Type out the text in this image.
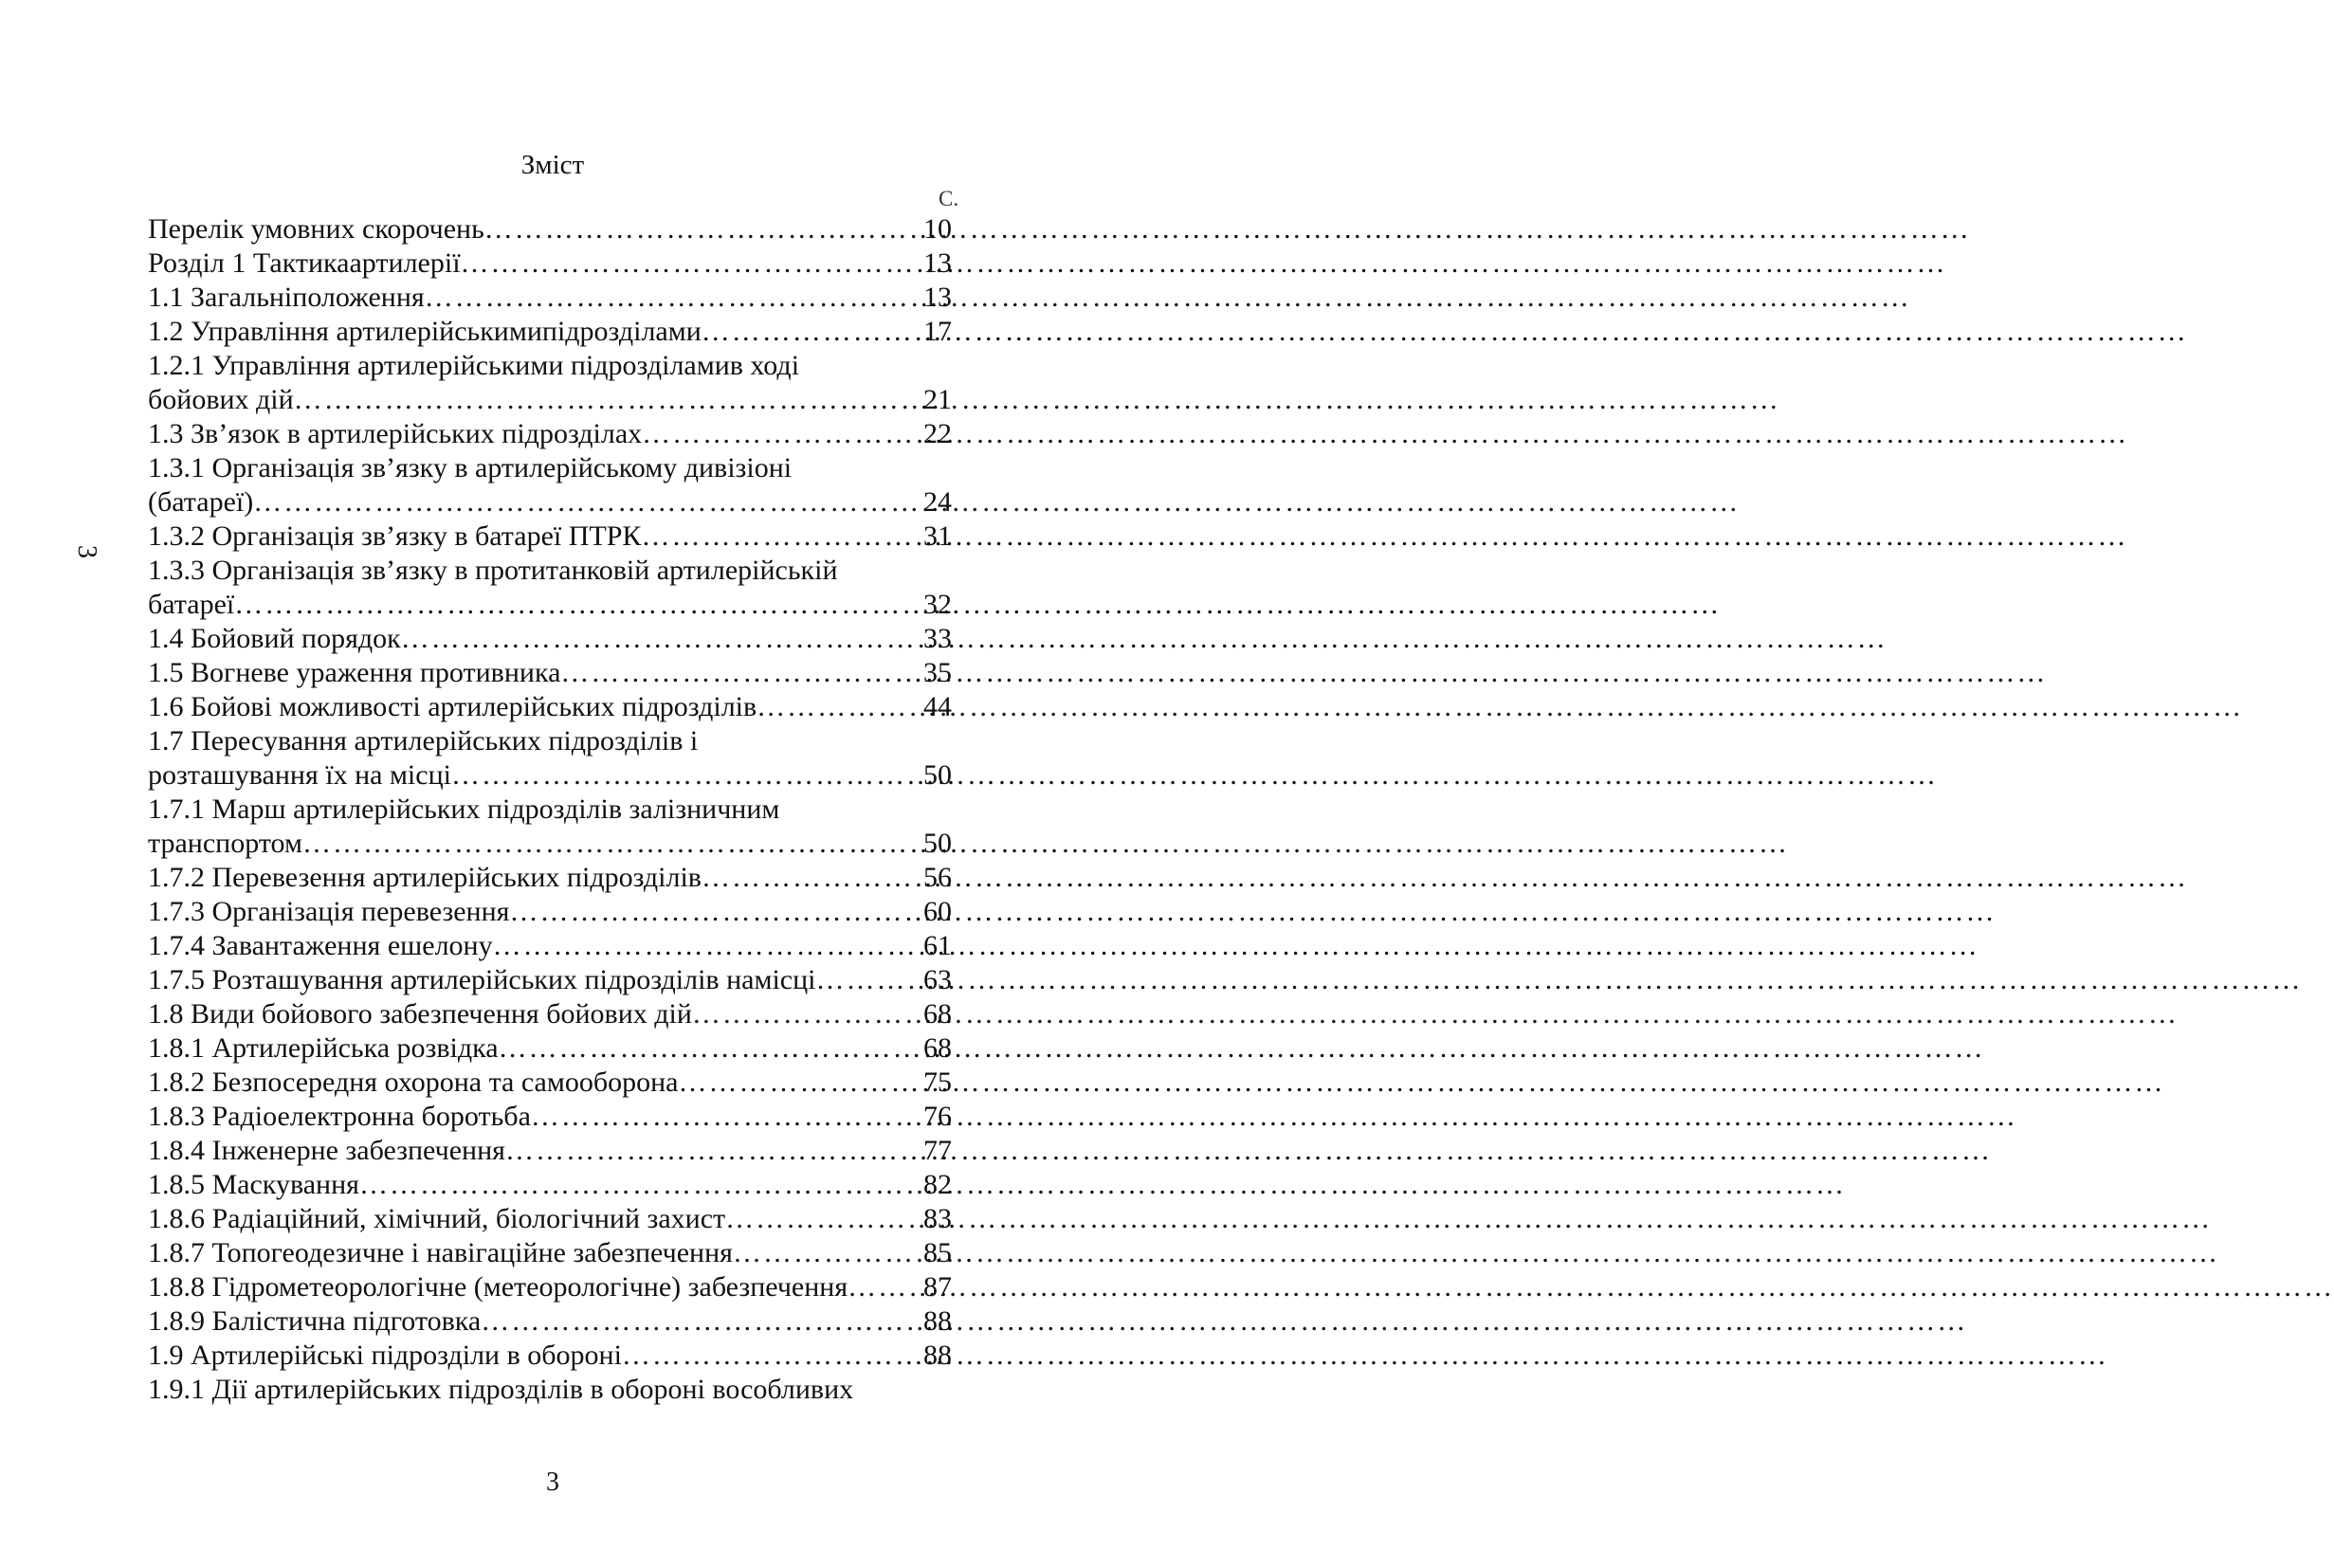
Зміст
С.
3
Перелік умовних скорочень …………………………………………………………………………………………………………………………………	10
Розділ 1 Тактикаартилерії …………………………………………………………………………………………………………………………………	13
1.1 Загальніположення …………………………………………………………………………………………………………………………………	13
1.2 Управління артилерійськимипідрозділами …………………………………………………………………………………………………………………………………	17
1.2.1 Управління артилерійськими підрозділамив ході
бойових дій …………………………………………………………………………………………………………………………………	21
1.3 Зв’язок в артилерійських підрозділах …………………………………………………………………………………………………………………………………	22
1.3.1 Організація зв’язку в артилерійському дивізіоні
(батареї) …………………………………………………………………………………………………………………………………	24
1.3.2 Організація зв’язку в батареї ПТРК …………………………………………………………………………………………………………………………………	31
1.3.3 Організація зв’язку в протитанковій артилерійській
батареї …………………………………………………………………………………………………………………………………	32
1.4 Бойовий порядок …………………………………………………………………………………………………………………………………	33
1.5 Вогневе ураження противника …………………………………………………………………………………………………………………………………	35
1.6 Бойові можливості артилерійських підрозділів …………………………………………………………………………………………………………………………………	44
1.7 Пересування артилерійських підрозділів і
розташування їх на місці …………………………………………………………………………………………………………………………………	50
1.7.1 Марш артилерійських підрозділів залізничним
транспортом …………………………………………………………………………………………………………………………………	50
1.7.2 Перевезення артилерійських підрозділів …………………………………………………………………………………………………………………………………	56
1.7.3 Організація перевезення …………………………………………………………………………………………………………………………………	60
1.7.4 Завантаження ешелону …………………………………………………………………………………………………………………………………	61
1.7.5 Розташування артилерійських підрозділів намісці …………………………………………………………………………………………………………………………………	63
1.8 Види бойового забезпечення бойових дій …………………………………………………………………………………………………………………………………	68
1.8.1 Артилерійська розвідка …………………………………………………………………………………………………………………………………	68
1.8.2 Безпосередня охорона та самооборона …………………………………………………………………………………………………………………………………	75
1.8.3 Радіоелектронна боротьба …………………………………………………………………………………………………………………………………	76
1.8.4 Інженерне забезпечення …………………………………………………………………………………………………………………………………	77
1.8.5 Маскування …………………………………………………………………………………………………………………………………	82
1.8.6 Радіаційний, хімічний, біологічний захист …………………………………………………………………………………………………………………………………	83
1.8.7 Топогеодезичне і навігаційне забезпечення …………………………………………………………………………………………………………………………………	85
1.8.8 Гідрометеорологічне (метеорологічне) забезпечення …………………………………………………………………………………………………………………………………	87
1.8.9 Балістична підготовка …………………………………………………………………………………………………………………………………	88
1.9 Артилерійські підрозділи в обороні …………………………………………………………………………………………………………………………………	88
1.9.1 Дії артилерійських підрозділів в обороні вособлив​их
3
